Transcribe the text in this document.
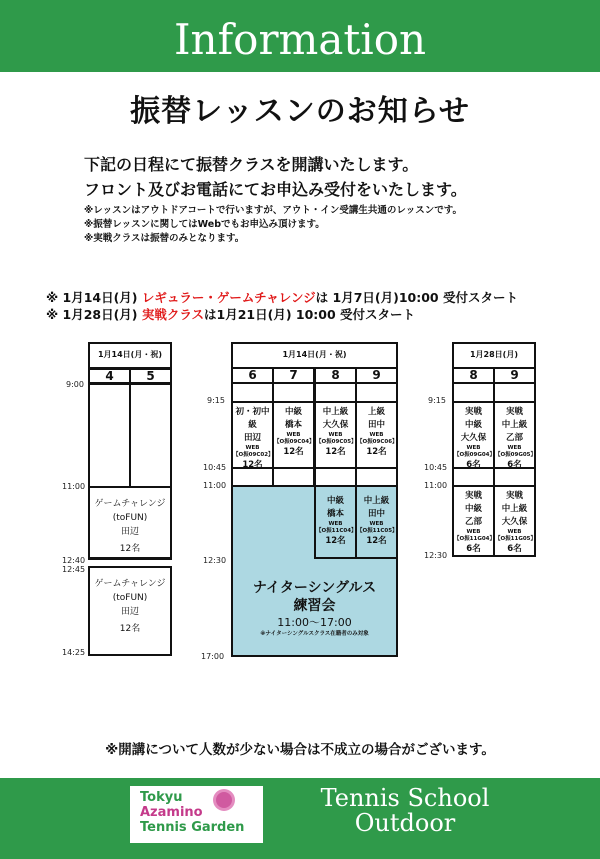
Information
振替レッスンのお知らせ
下記の日程にて振替クラスを開講いたします。
フロント及びお電話にてお申込み受付をいたします。
※レッスンはアウトドアコートで行いますが、アウト・イン受講生共通のレッスンです。
※振替レッスンに関してはWebでもお申込み頂けます。
※実戦クラスは振替のみとなります。
※ 1月14日(月) レギュラー・ゲームチャレンジは 1月7日(月)10:00 受付スタート
※ 1月28日(月) 実戦クラスは1月21日(月) 10:00 受付スタート
1月14日(月・祝)
4	5
ゲームチャレンジ
(toFUN)
田辺
12名
ゲームチャレンジ
(toFUN)
田辺
12名
9:00
11:00
12:40
12:45
14:25
1月14日(月・祝)
6
初・初中級
田辺
WEB
【O振09C02】
12名
7
中級
橋本
WEB
【O振09C04】
12名
8
中上級
大久保
WEB
【O振09C05】
12名
9
上級
田中
WEB
【O振09C06】
12名
中級
橋本
WEB
【O振11C04】
12名
中上級
田中
WEB
【O振11C05】
12名
ナイターシングルス
練習会
11:00～17:00
※ナイターシングルスクラス在籍者のみ対象
9:15
10:45
11:00
12:30
17:00
1月28日(月)
8
実戦
中級
大久保
WEB
【O振09G04】
6名
実戦
中級
乙部
WEB
【O振11G04】
6名
9
実戦
中上級
乙部
WEB
【O振09G05】
6名
実戦
中上級
大久保
WEB
【O振11G05】
6名
9:15
10:45
11:00
12:30
※開講について人数が少ない場合は不成立の場合がございます。
Tokyu
Azamino
Tennis Garden
Tennis School
Outdoor
